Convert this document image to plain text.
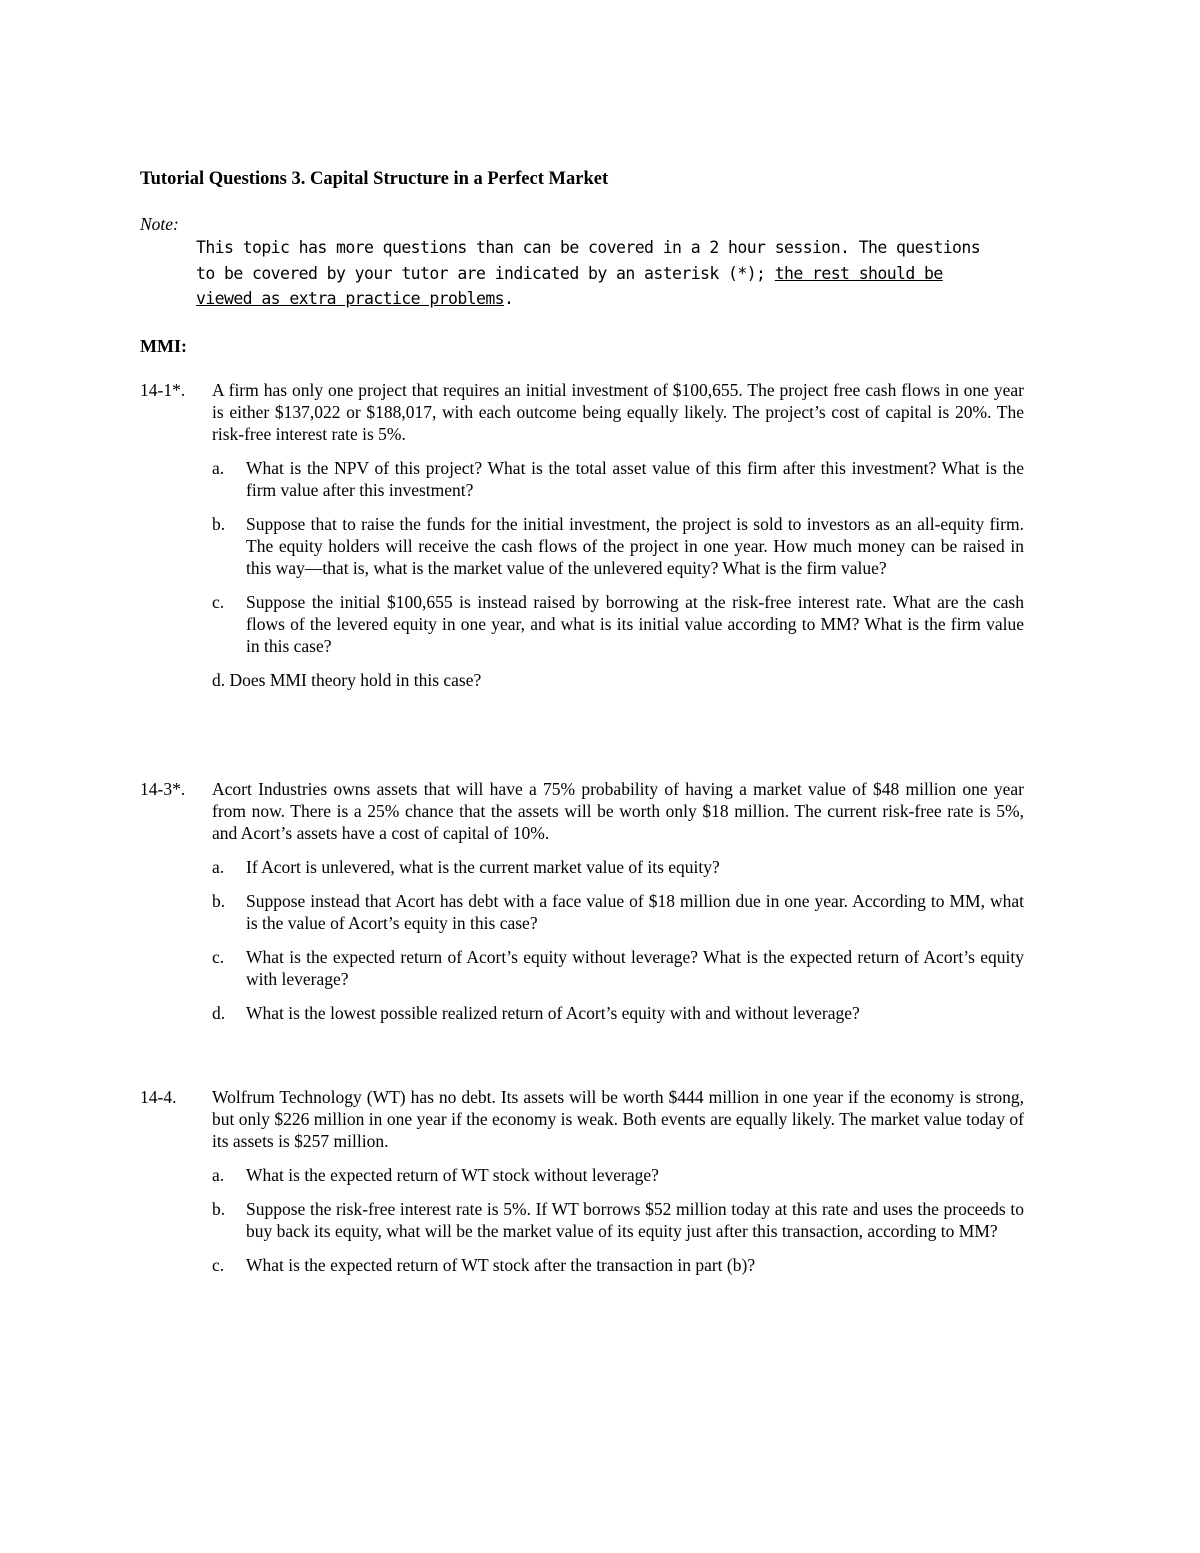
Tutorial Questions 3. Capital Structure in a Perfect Market
Note:
This topic has more questions than can be covered in a 2 hour session. The questions to be covered by your tutor are indicated by an asterisk (*); the rest should be viewed as extra practice problems.
MMI:
14-1*.	A firm has only one project that requires an initial investment of $100,655. The project free cash flows in one year is either $137,022 or $188,017, with each outcome being equally likely. The project’s cost of capital is 20%. The risk-free interest rate is 5%.
a.	What is the NPV of this project? What is the total asset value of this firm after this investment? What is the firm value after this investment?
b.	Suppose that to raise the funds for the initial investment, the project is sold to investors as an all-equity firm. The equity holders will receive the cash flows of the project in one year. How much money can be raised in this way—that is, what is the market value of the unlevered equity? What is the firm value?
c.	Suppose the initial $100,655 is instead raised by borrowing at the risk-free interest rate. What are the cash flows of the levered equity in one year, and what is its initial value according to MM? What is the firm value in this case?
d. Does MMI theory hold in this case?
14-3*.	Acort Industries owns assets that will have a 75% probability of having a market value of $48 million one year from now. There is a 25% chance that the assets will be worth only $18 million. The current risk-free rate is 5%, and Acort’s assets have a cost of capital of 10%.
a.	If Acort is unlevered, what is the current market value of its equity?
b.	Suppose instead that Acort has debt with a face value of $18 million due in one year. According to MM, what is the value of Acort’s equity in this case?
c.	What is the expected return of Acort’s equity without leverage? What is the expected return of Acort’s equity with leverage?
d.	What is the lowest possible realized return of Acort’s equity with and without leverage?
14-4.	Wolfrum Technology (WT) has no debt. Its assets will be worth $444 million in one year if the economy is strong, but only $226 million in one year if the economy is weak. Both events are equally likely. The market value today of its assets is $257 million.
a.	What is the expected return of WT stock without leverage?
b.	Suppose the risk-free interest rate is 5%. If WT borrows $52 million today at this rate and uses the proceeds to buy back its equity, what will be the market value of its equity just after this transaction, according to MM?
c.	What is the expected return of WT stock after the transaction in part (b)?
